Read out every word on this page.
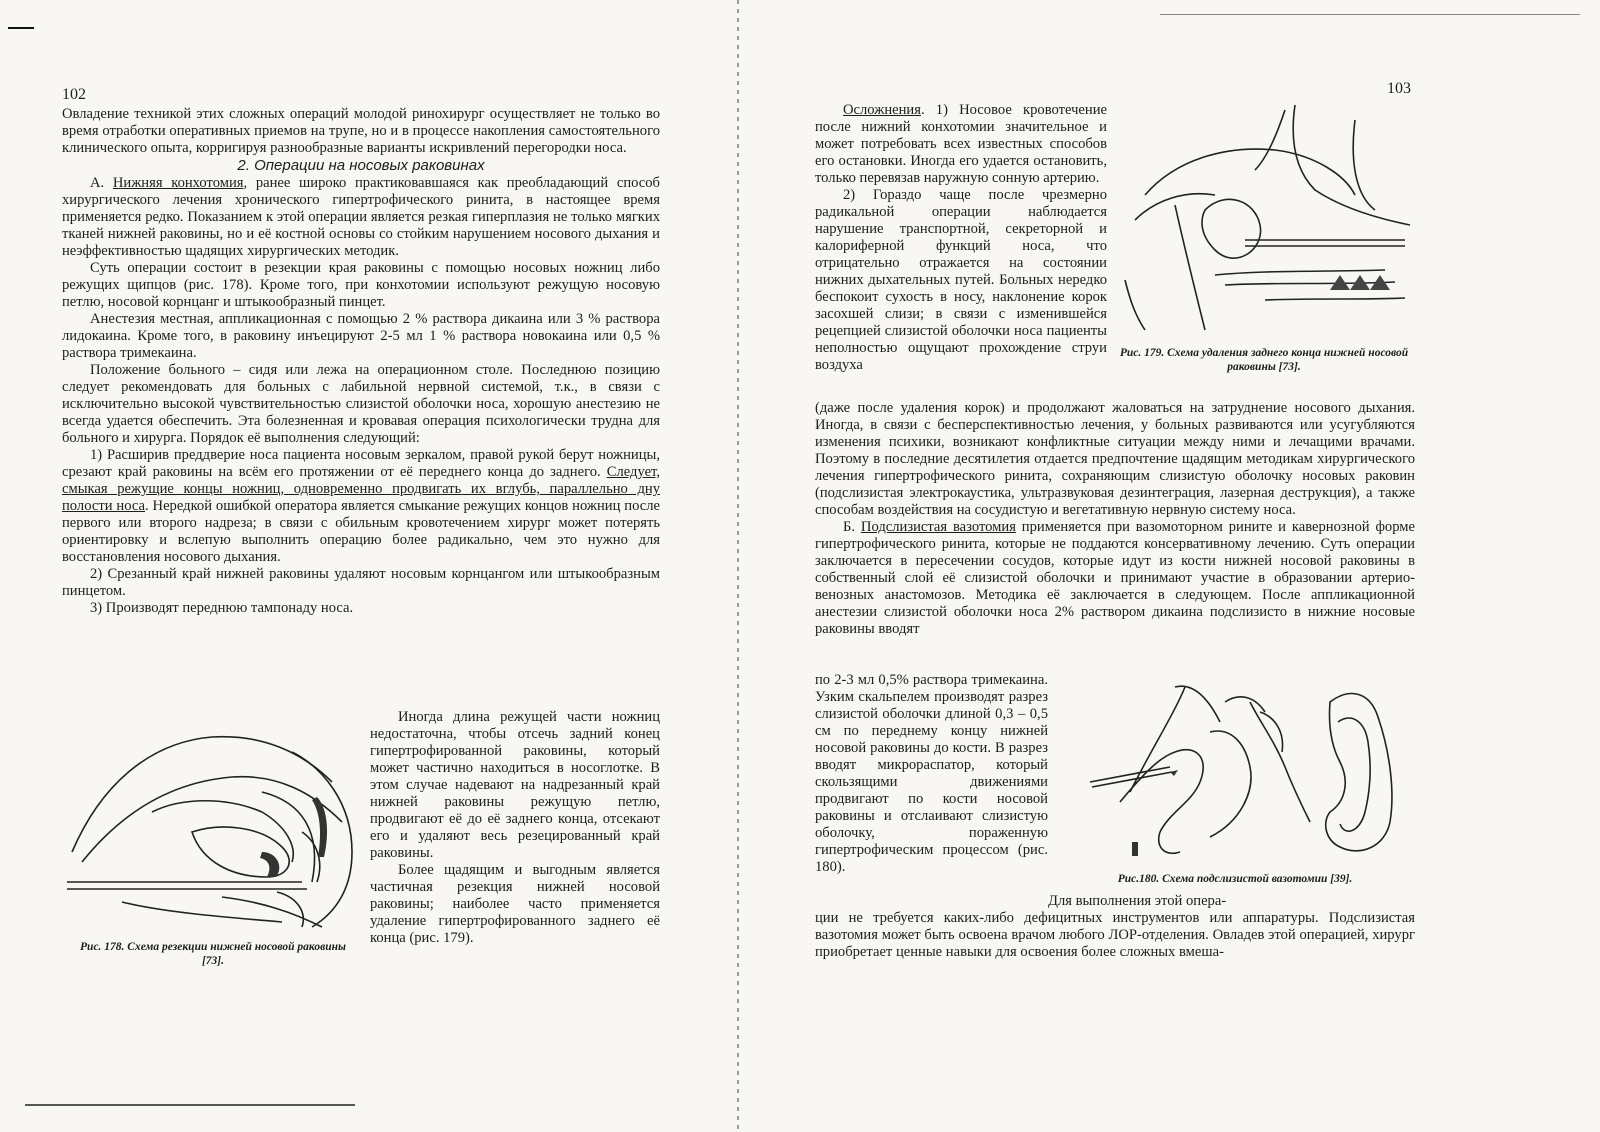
102

Овладение техникой этих сложных операций молодой ринохирург осуществляет не только во время отработки оперативных приемов на трупе, но и в процессе накопления самостоятельного клинического опыта, корригируя разнообразные варианты искривлений перегородки носа.

2. Операции на носовых раковинах

А. Нижняя конхотомия, ранее широко практиковавшаяся как преобладающий способ хирургического лечения хронического гипертрофического ринита, в настоящее время применяется редко. Показанием к этой операции является резкая гиперплазия не только мягких тканей нижней раковины, но и её костной основы со стойким нарушением носового дыхания и неэффективностью щадящих хирургических методик.

Суть операции состоит в резекции края раковины с помощью носовых ножниц либо режущих щипцов (рис. 178). Кроме того, при конхотомии используют режущую носовую петлю, носовой корнцанг и штыкообразный пинцет.

Анестезия местная, аппликационная с помощью 2 % раствора дикаина или 3 % раствора лидокаина. Кроме того, в раковину инъецируют 2-5 мл 1 % раствора новокаина или 0,5 % раствора тримекаина.

Положение больного – сидя или лежа на операционном столе. Последнюю позицию следует рекомендовать для больных с лабильной нервной системой, т.к., в связи с исключительно высокой чувствительностью слизистой оболочки носа, хорошую анестезию не всегда удается обеспечить. Эта болезненная и кровавая операция психологически трудна для больного и хирурга. Порядок её выполнения следующий:

1) Расширив преддверие носа пациента носовым зеркалом, правой рукой берут ножницы, срезают край раковины на всём его протяжении от её переднего конца до заднего. Следует, смыкая режущие концы ножниц, одновременно продвигать их вглубь, параллельно дну полости носа. Нередкой ошибкой оператора является смыкание режущих концов ножниц после первого или второго надреза; в связи с обильным кровотечением хирург может потерять ориентировку и вслепую выполнить операцию более радикально, чем это нужно для восстановления носового дыхания.

2) Срезанный край нижней раковины удаляют носовым корнцангом или штыкообразным пинцетом.

3) Производят переднюю тампонаду носа.

Иногда длина режущей части ножниц недостаточна, чтобы отсечь задний конец гипертрофированной раковины, который может частично находиться в носоглотке. В этом случае надевают на надрезанный край нижней раковины режущую петлю, продвигают её до её заднего конца, отсекают его и удаляют весь резецированный край раковины.

Более щадящим и выгодным является частичная резекция нижней носовой раковины; наиболее часто применяется удаление гипертрофированного заднего её конца (рис. 179).

Рис. 178. Схема резекции нижней носовой раковины [73].
103

Осложнения. 1) Носовое кровотечение после нижний конхотомии значительное и может потребовать всех известных способов его остановки. Иногда его удается остановить, только перевязав наружную сонную артерию.

2) Гораздо чаще после чрезмерно радикальной операции наблюдается нарушение транспортной, секреторной и калориферной функций носа, что отрицательно отражается на состоянии нижних дыхательных путей. Больных нередко беспокоит сухость в носу, наклонение корок засохшей слизи; в связи с изменившейся рецепцией слизистой оболочки носа пациенты неполностью ощущают прохождение струи воздуха

Рис. 179. Схема удаления заднего конца нижней носовой раковины [73].

(даже после удаления корок) и продолжают жаловаться на затруднение носового дыхания. Иногда, в связи с бесперспективностью лечения, у больных развиваются или усугубляются изменения психики, возникают конфликтные ситуации между ними и лечащими врачами. Поэтому в последние десятилетия отдается предпочтение щадящим методикам хирургического лечения гипертрофического ринита, сохраняющим слизистую оболочку носовых раковин (подслизистая электрокаустика, ультразвуковая дезинтеграция, лазерная деструкция), а также способам воздействия на сосудистую и вегетативную нервную систему носа.

Б. Подслизистая вазотомия применяется при вазомоторном рините и кавернозной форме гипертрофического ринита, которые не поддаются консервативному лечению. Суть операции заключается в пересечении сосудов, которые идут из кости нижней носовой раковины в собственный слой её слизистой оболочки и принимают участие в образовании артерио-венозных анастомозов. Методика её заключается в следующем. После аппликационной анестезии слизистой оболочки носа 2% раствором дикаина подслизисто в нижние носовые раковины вводят

по 2-3 мл 0,5% раствора тримекаина. Узким скальпелем производят разрез слизистой оболочки длиной 0,3 – 0,5 см по переднему концу нижней носовой раковины до кости. В разрез вводят микрораспатор, который скользящими движениями продвигают по кости носовой раковины и отслаивают слизистую оболочку, пораженную гипертрофическим процессом (рис. 180).

Рис.180. Схема подслизистой вазотомии [39].

Для выполнения этой опера-

ции не требуется каких-либо дефицитных инструментов или аппаратуры. Подслизистая вазотомия может быть освоена врачом любого ЛОР-отделения. Овладев этой операцией, хирург приобретает ценные навыки для освоения более сложных вмеша-
